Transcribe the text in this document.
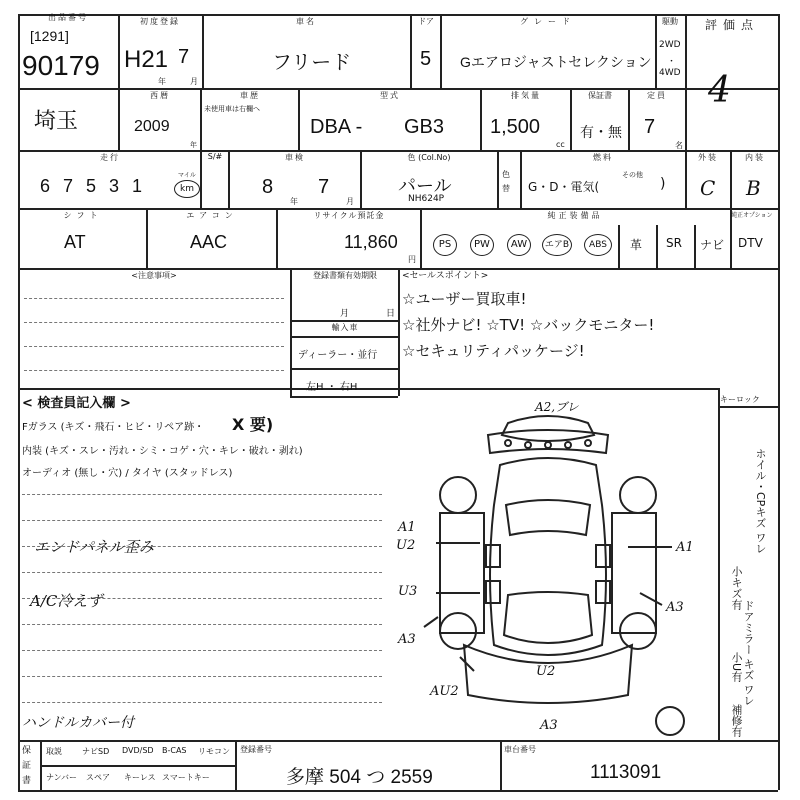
出品番号
[1291]
90179
初度登録
H21 7
年	月
車名
フリード
ドア
5
グレード
Gエアロジャストセレクション
駆動
2WD
・
4WD
評価点
4
埼玉
西暦
2009
年
車歴
未使用車は右欄へ
型式
DBA - GB3
排気量
1,500
cc
保証書
有・無
定員
7
名
走行
6 7 5 3 1
マイル
km
S/#	車検
8
年
7
月
色 (Col.No)
パール
NH624P
色替
燃料
G・D・電気(
その他
)
外装
C
内装
B
シフト
AT
エアコン
AAC
リサイクル預託金
11,860
円
純正装備品	純正オプション
PS	PW	AW	エアB	ABS	革 SR ナビ DTV
<注意事項>	登録書類有効期限
月	日
輸入車
ディーラー・並行
左H ・ 右H
<セールスポイント>
☆ユーザー買取車!
☆社外ナビ! ☆TV! ☆バックモニター!
☆セキュリティパッケージ!
< 検査員記入欄 >
Fガラス (キズ・飛石・ヒビ・リペア跡・ X 要)
内装 (キズ・スレ・汚れ・シミ・コゲ・穴・キレ・破れ・剥れ)
オーディオ (無し・穴) / タイヤ (スタッドレス)
エンドパネル歪み
A/C冷えず
ハンドルカバー付
A2,ブレ
A1
U2
U3
A3
AU2
U2
A3
A1
A3
キーロック
ホイル・CPキズ ワレ
ドアミラー キズ ワレ
小キズ有
小U有
補修有
保証書
取説	ナビSD DVD/SD B-CAS リモコン
ナンバー スペア キーレス スマートキー
登録番号
多摩 504 つ 2559
車台番号
1113091
